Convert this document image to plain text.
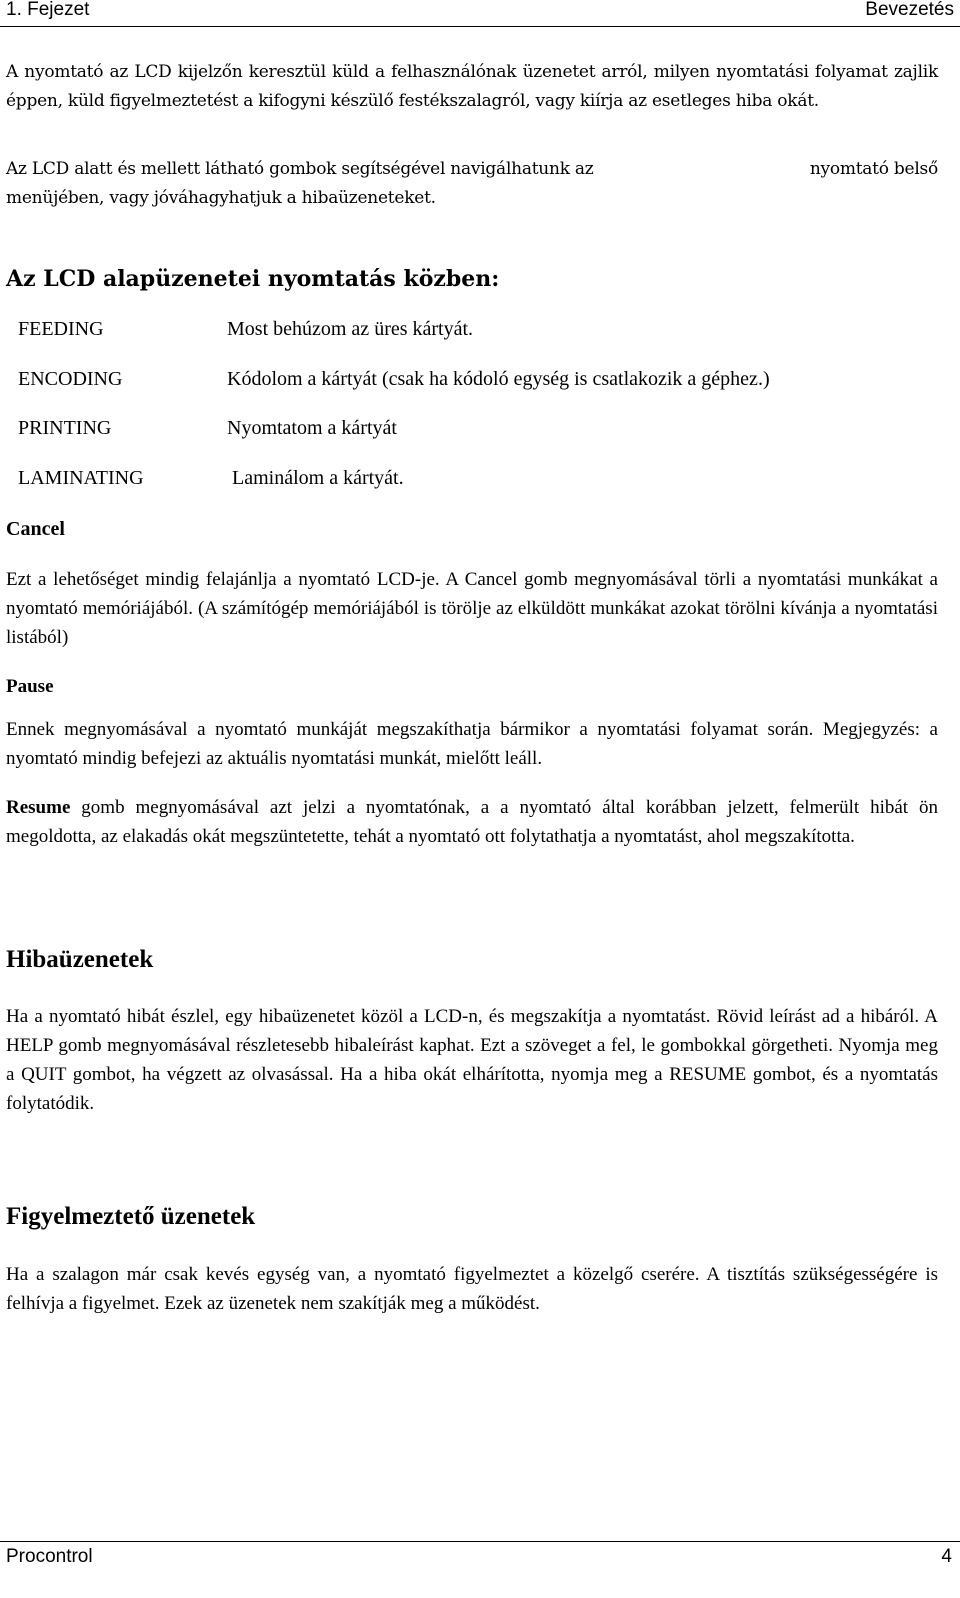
1. Fejezet	Bevezetés

A nyomtató az LCD kijelzőn keresztül küld a felhasználónak üzenetet arról, milyen nyomtatási folyamat zajlik éppen, küld figyelmeztetést a kifogyni készülő festékszalagról, vagy kiírja az esetleges hiba okát.

Az LCD alatt és mellett látható gombok segítségével navigálhatunk az	nyomtató belső
menüjében, vagy jóváhagyhatjuk a hibaüzeneteket.
Az LCD alapüzenetei nyomtatás közben:
FEEDING	Most behúzom az üres kártyát.
ENCODING	Kódolom a kártyát (csak ha kódoló egység is csatlakozik a géphez.)
PRINTING	Nyomtatom a kártyát
LAMINATING	Laminálom a kártyát.
Cancel

Ezt a lehetőséget mindig felajánlja a nyomtató LCD-je. A Cancel gomb megnyomásával törli a nyomtatási munkákat a nyomtató memóriájából. (A számítógép memóriájából is törölje az elküldött munkákat azokat törölni kívánja a nyomtatási listából)

Pause

Ennek megnyomásával a nyomtató munkáját megszakíthatja bármikor a nyomtatási folyamat során. Megjegyzés: a nyomtató mindig befejezi az aktuális nyomtatási munkát, mielőtt leáll.

Resume gomb megnyomásával azt jelzi a nyomtatónak, a a nyomtató által korábban jelzett, felmerült hibát ön megoldotta, az elakadás okát megszüntetette, tehát a nyomtató ott folytathatja a nyomtatást, ahol megszakította.

Hibaüzenetek

Ha a nyomtató hibát észlel, egy hibaüzenetet közöl a LCD-n, és megszakítja a nyomtatást. Rövid leírást ad a hibáról. A HELP gomb megnyomásával részletesebb hibaleírást kaphat. Ezt a szöveget a fel, le gombokkal görgetheti. Nyomja meg a QUIT gombot, ha végzett az olvasással. Ha a hiba okát elhárította, nyomja meg a RESUME gombot, és a nyomtatás folytatódik.

Figyelmeztető üzenetek

Ha a szalagon már csak kevés egység van, a nyomtató figyelmeztet a közelgő cserére. A tisztítás szükségességére is felhívja a figyelmet. Ezek az üzenetek nem szakítják meg a működést.

Procontrol	4
